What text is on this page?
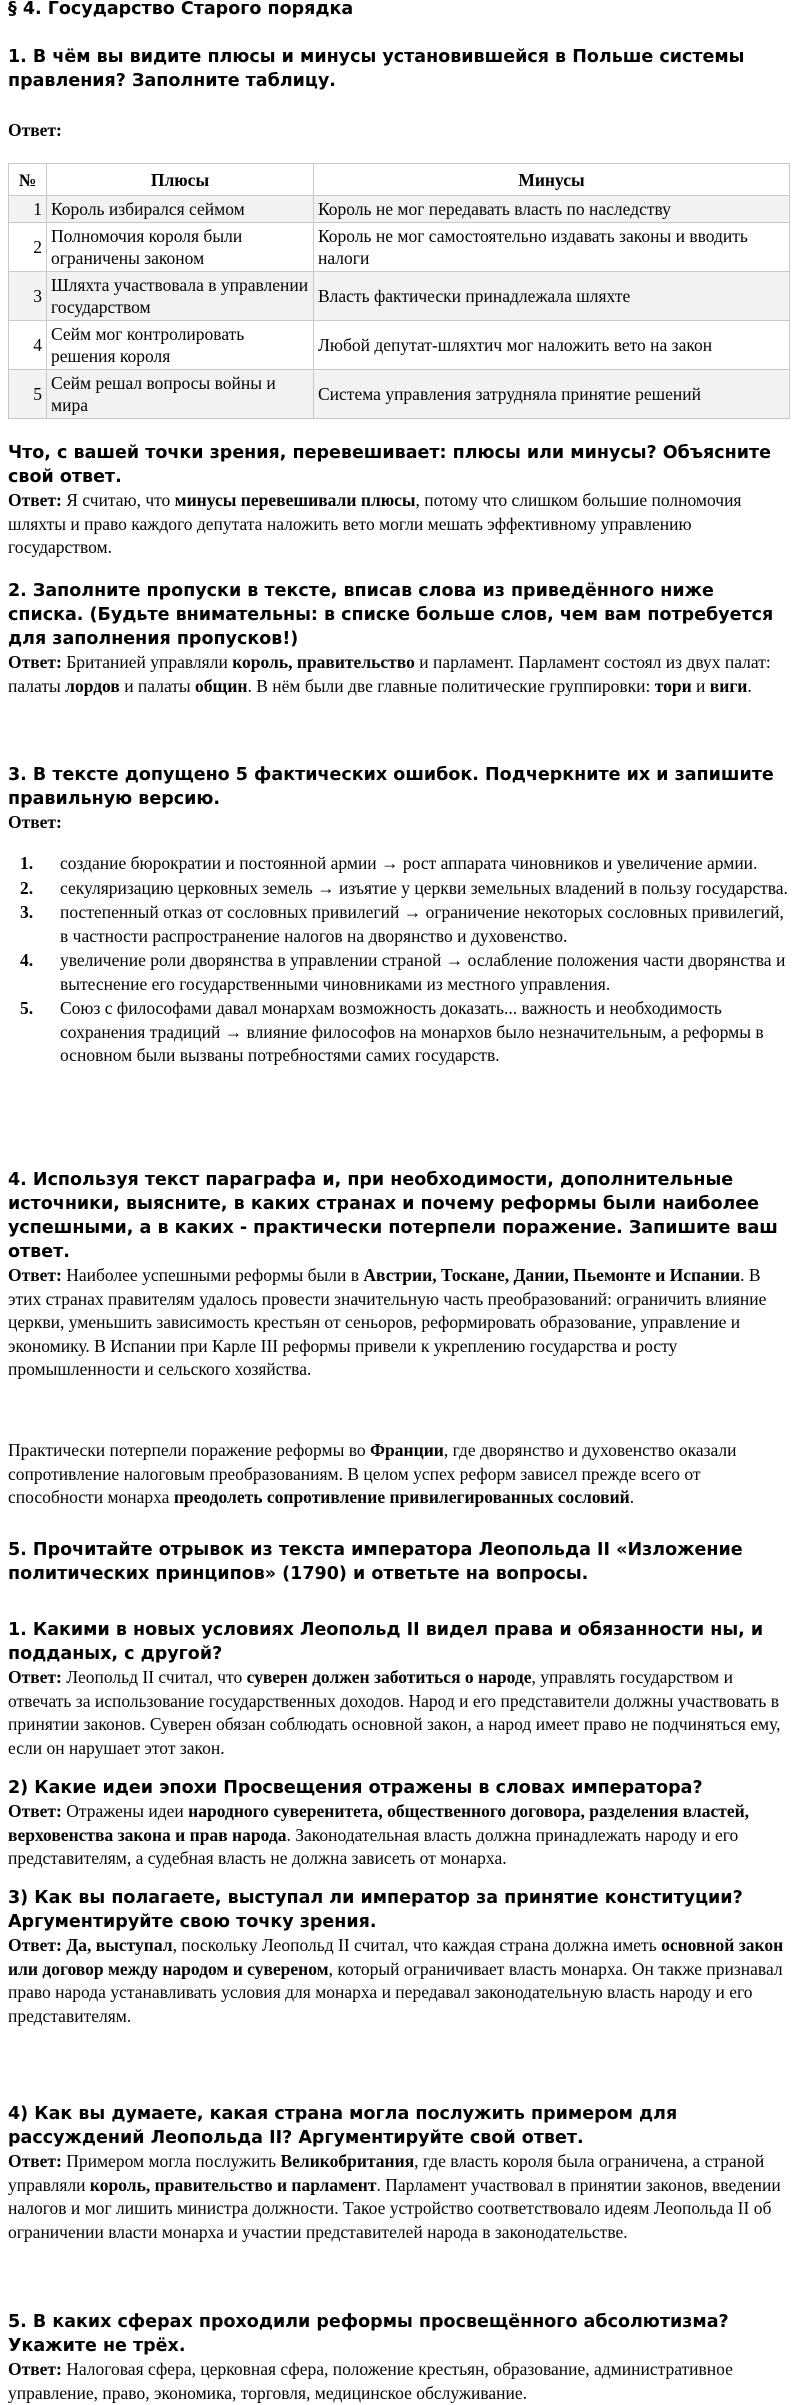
§ 4. Государство Старого порядка

1. В чём вы видите плюсы и минусы установившейся в Польше системы правления? Заполните таблицу.

Ответ:

№	Плюсы	Минусы
1	Король избирался сеймом	Король не мог передавать власть по наследству
2	Полномочия короля были ограничены законом	Король не мог самостоятельно издавать законы и вводить налоги
3	Шляхта участвовала в управлении государством	Власть фактически принадлежала шляхте
4	Сейм мог контролировать решения короля	Любой депутат-шляхтич мог наложить вето на закон
5	Сейм решал вопросы войны и мира	Система управления затрудняла принятие решений

Что, с вашей точки зрения, перевешивает: плюсы или минусы? Объясните свой ответ.

Ответ: Я считаю, что минусы перевешивали плюсы, потому что слишком большие полномочия шляхты и право каждого депутата наложить вето могли мешать эффективному управлению государством.

2. Заполните пропуски в тексте, вписав слова из приведённого ниже списка. (Будьте внимательны: в списке больше слов, чем вам потребуется для заполнения пропусков!)

Ответ: Британией управляли король, правительство и парламент. Парламент состоял из двух палат: палаты лордов и палаты общин. В нём были две главные политические группировки: тори и виги.

3. В тексте допущено 5 фактических ошибок. Подчеркните их и запишите правильную версию.

Ответ:

1. создание бюрократии и постоянной армии → рост аппарата чиновников и увеличение армии.
2. секуляризацию церковных земель → изъятие у церкви земельных владений в пользу государства.
3. постепенный отказ от сословных привилегий → ограничение некоторых сословных привилегий, в частности распространение налогов на дворянство и духовенство.
4. увеличение роли дворянства в управлении страной → ослабление положения части дворянства и вытеснение его государственными чиновниками из местного управления.
5. Союз с философами давал монархам возможность доказать... важность и необходимость сохранения традиций → влияние философов на монархов было незначительным, а реформы в основном были вызваны потребностями самих государств.

4. Используя текст параграфа и, при необходимости, дополнительные источники, выясните, в каких странах и почему реформы были наиболее успешными, а в каких - практически потерпели поражение. Запишите ваш ответ.

Ответ: Наиболее успешными реформы были в Австрии, Тоскане, Дании, Пьемонте и Испании. В этих странах правителям удалось провести значительную часть преобразований: ограничить влияние церкви, уменьшить зависимость крестьян от сеньоров, реформировать образование, управление и экономику. В Испании при Карле III реформы привели к укреплению государства и росту промышленности и сельского хозяйства.

Практически потерпели поражение реформы во Франции, где дворянство и духовенство оказали сопротивление налоговым преобразованиям. В целом успех реформ зависел прежде всего от способности монарха преодолеть сопротивление привилегированных сословий.

5. Прочитайте отрывок из текста императора Леопольда II «Изложение политических принципов» (1790) и ответьте на вопросы.

1. Какими в новых условиях Леопольд II видел права и обязанности ны, и подданых, с другой?

Ответ: Леопольд II считал, что суверен должен заботиться о народе, управлять государством и отвечать за использование государственных доходов. Народ и его представители должны участвовать в принятии законов. Суверен обязан соблюдать основной закон, а народ имеет право не подчиняться ему, если он нарушает этот закон.

2) Какие идеи эпохи Просвещения отражены в словах императора?

Ответ: Отражены идеи народного суверенитета, общественного договора, разделения властей, верховенства закона и прав народа. Законодательная власть должна принадлежать народу и его представителям, а судебная власть не должна зависеть от монарха.

3) Как вы полагаете, выступал ли император за принятие конституции? Аргументируйте свою точку зрения.

Ответ: Да, выступал, поскольку Леопольд II считал, что каждая страна должна иметь основной закон или договор между народом и сувереном, который ограничивает власть монарха. Он также признавал право народа устанавливать условия для монарха и передавал законодательную власть народу и его представителям.

4) Как вы думаете, какая страна могла послужить примером для рассуждений Леопольда II? Аргументируйте свой ответ.

Ответ: Примером могла послужить Великобритания, где власть короля была ограничена, а страной управляли король, правительство и парламент. Парламент участвовал в принятии законов, введении налогов и мог лишить министра должности. Такое устройство соответствовало идеям Леопольда II об ограничении власти монарха и участии представителей народа в законодательстве.

5. В каких сферах проходили реформы просвещённого абсолютизма? Укажите не трёх.

Ответ: Налоговая сфера, церковная сфера, положение крестьян, образование, административное управление, право, экономика, торговля, медицинское обслуживание.
